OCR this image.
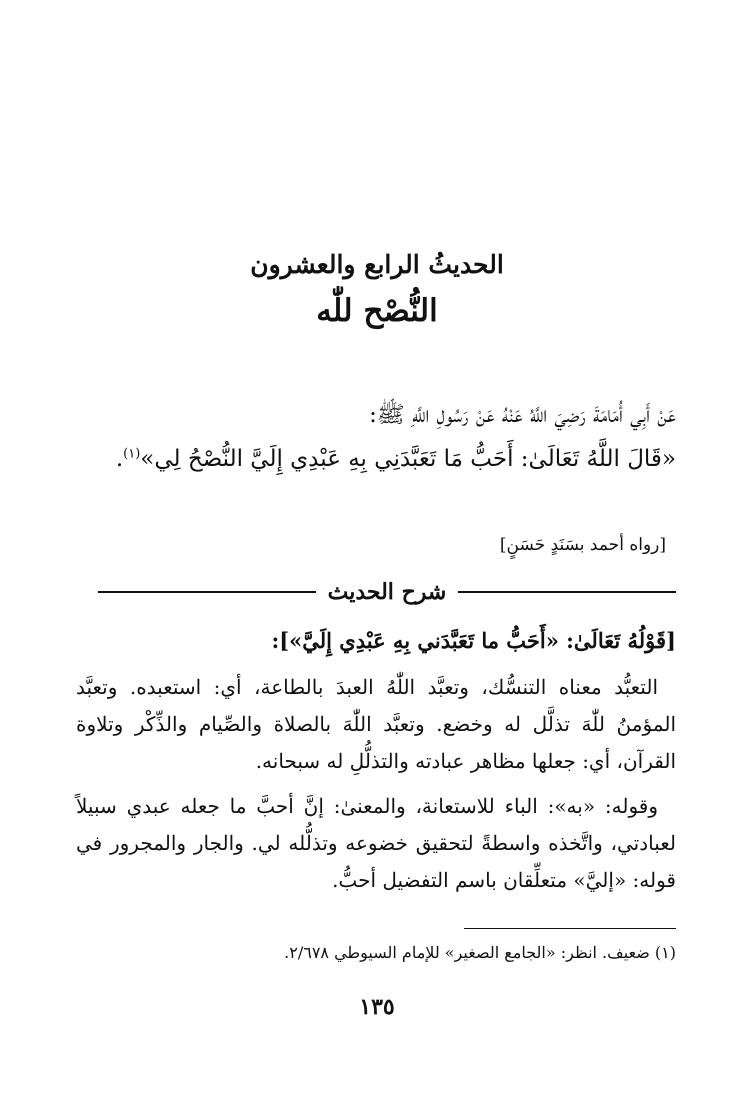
الحديثُ الرابع والعشرون
النُّصْح للّٰه
عَنْ أَبِي أُمَامَةَ رَضِيَ اللَّهُ عَنْهُ عَنْ رَسُولِ اللَّهِ ﷺ:
«قَالَ اللَّهُ تَعَالَىٰ: أَحَبُّ مَا تَعَبَّدَنِي بِهِ عَبْدِي إِلَيَّ النُّصْحُ لِي»$^{(١)}$.
[رواه أحمد بسَنَدٍ حَسَنٍ]
شرح الحديث
[قَوْلُهُ تَعَالَىٰ: «أَحَبُّ ما تَعَبَّدَني بِهِ عَبْدِي إِلَيَّ»]:

التعبُّد معناه التنسُّك، وتعبَّد اللّٰهُ العبدَ بالطاعة، أي: استعبده. وتعبَّد المؤمنُ للّٰهَ تذلَّل له وخضع. وتعبَّد اللّٰهَ بالصلاة والصِّيام والذِّكْر وتلاوة القرآن، أي: جعلها مظاهر عبادته والتذلُّلِ له سبحانه.

وقوله: «به»: الباء للاستعانة، والمعنىٰ: إنَّ أحبَّ ما جعله عبدي سبيلاً لعبادتي، واتَّخذه واسطةً لتحقيق خضوعه وتذلُّله لي. والجار والمجرور في قوله: «إليَّ» متعلِّقان باسم التفضيل أحبُّ.

(١) ضعيف. انظر: «الجامع الصغير» للإمام السيوطي ٢/٦٧٨.
١٣٥
